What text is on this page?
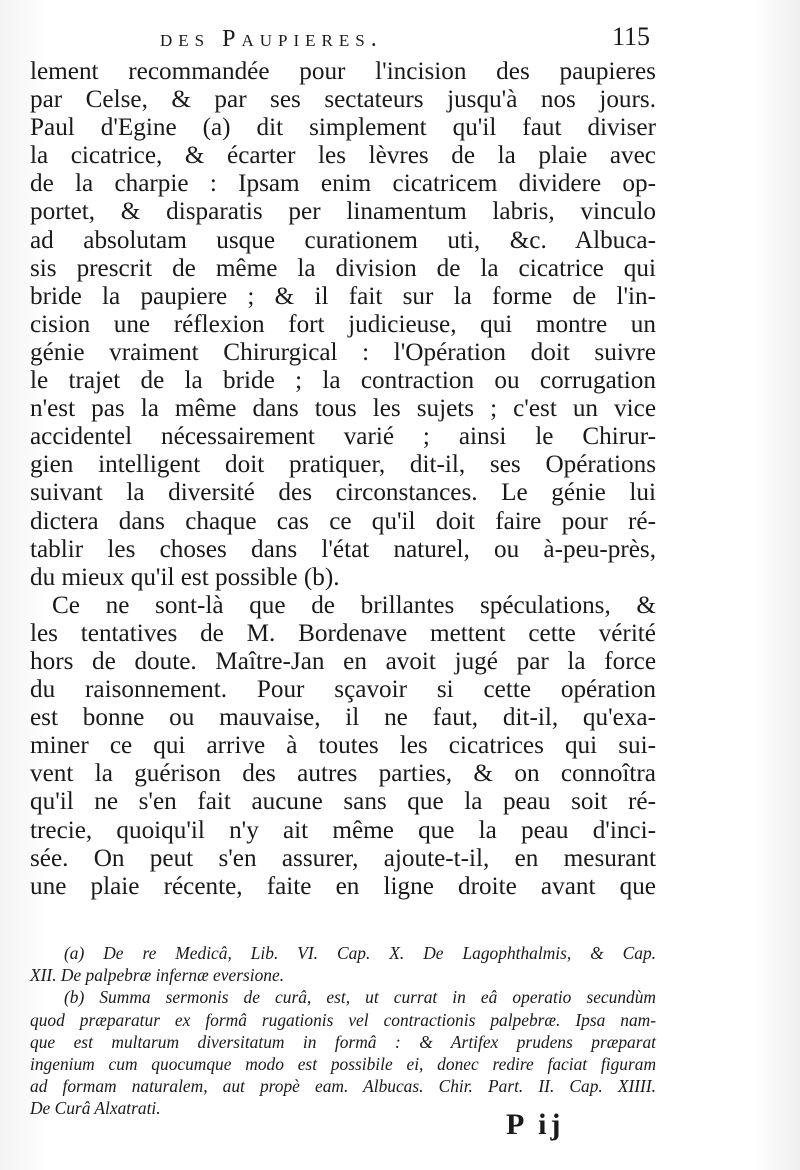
des Paupieres.	115
lement recommandée pour l'incision des paupieres
par Celse, & par ses sectateurs jusqu'à nos jours.
Paul d'Egine (a) dit simplement qu'il faut diviser
la cicatrice, & écarter les lèvres de la plaie avec
de la charpie : Ipsam enim cicatricem dividere op-
portet, & disparatis per linamentum labris, vinculo
ad absolutam usque curationem uti, &c. Albuca-
sis prescrit de même la division de la cicatrice qui
bride la paupiere ; & il fait sur la forme de l'in-
cision une réflexion fort judicieuse, qui montre un
génie vraiment Chirurgical : l'Opération doit suivre
le trajet de la bride ; la contraction ou corrugation
n'est pas la même dans tous les sujets ; c'est un vice
accidentel nécessairement varié ; ainsi le Chirur-
gien intelligent doit pratiquer, dit-il, ses Opérations
suivant la diversité des circonstances. Le génie lui
dictera dans chaque cas ce qu'il doit faire pour ré-
tablir les choses dans l'état naturel, ou à-peu-près,
du mieux qu'il est possible (b).
Ce ne sont-là que de brillantes spéculations, &
les tentatives de M. Bordenave mettent cette vérité
hors de doute. Maître-Jan en avoit jugé par la force
du raisonnement. Pour sçavoir si cette opération
est bonne ou mauvaise, il ne faut, dit-il, qu'exa-
miner ce qui arrive à toutes les cicatrices qui sui-
vent la guérison des autres parties, & on connoîtra
qu'il ne s'en fait aucune sans que la peau soit ré-
trecie, quoiqu'il n'y ait même que la peau d'inci-
sée. On peut s'en assurer, ajoute-t-il, en mesurant
une plaie récente, faite en ligne droite avant que
(a) De re Medicâ, Lib. VI. Cap. X. De Lagophthalmis, & Cap.
XII. De palpebræ infernæ eversione.
(b) Summa sermonis de curâ, est, ut currat in eâ operatio secundùm
quod præparatur ex formâ rugationis vel contractionis palpebræ. Ipsa nam-
que est multarum diversitatum in formâ : & Artifex prudens præparat
ingenium cum quocumque modo est possibile ei, donec redire faciat figuram
ad formam naturalem, aut propè eam. Albucas. Chir. Part. II. Cap. XIIII.
De Curâ Alxatrati.	P ij
